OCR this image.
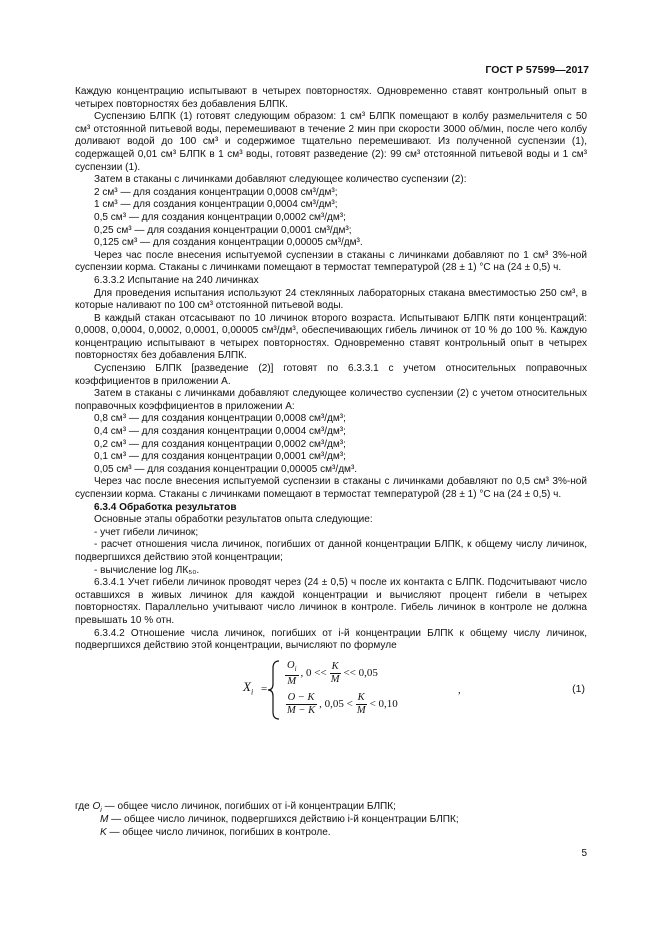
ГОСТ Р 57599—2017

Каждую концентрацию испытывают в четырех повторностях. Одновременно ставят контрольный опыт в четырех повторностях без добавления БЛПК.

Суспензию БЛПК (1) готовят следующим образом: 1 см³ БЛПК помещают в колбу размельчителя с 50 см³ отстоянной питьевой воды, перемешивают в течение 2 мин при скорости 3000 об/мин, после чего колбу доливают водой до 100 см³ и содержимое тщательно перемешивают. Из полученной суспензии (1), содержащей 0,01 см³ БЛПК в 1 см³ воды, готовят разведение (2): 99 см³ отстоянной питьевой воды и 1 см³ суспензии (1).

Затем в стаканы с личинками добавляют следующее количество суспензии (2):

2 см³ — для создания концентрации 0,0008 см³/дм³;

1 см³ — для создания концентрации 0,0004 см³/дм³;

0,5 см³ — для создания концентрации 0,0002 см³/дм³;

0,25 см³ — для создания концентрации 0,0001 см³/дм³;

0,125 см³ — для создания концентрации 0,00005 см³/дм³.

Через час после внесения испытуемой суспензии в стаканы с личинками добавляют по 1 см³ 3%-ной суспензии корма. Стаканы с личинками помещают в термостат температурой (28 ± 1) °С на (24 ± 0,5) ч.

6.3.3.2 Испытание на 240 личинках

Для проведения испытания используют 24 стеклянных лабораторных стакана вместимостью 250 см³, в которые наливают по 100 см³ отстоянной питьевой воды.

В каждый стакан отсасывают по 10 личинок второго возраста. Испытывают БЛПК пяти концентраций: 0,0008, 0,0004, 0,0002, 0,0001, 0,00005 см³/дм³, обеспечивающих гибель личинок от 10 % до 100 %. Каждую концентрацию испытывают в четырех повторностях. Одновременно ставят контрольный опыт в четырех повторностях без добавления БЛПК.

Суспензию БЛПК [разведение (2)] готовят по 6.3.3.1 с учетом относительных поправочных коэффициентов в приложении А.

Затем в стаканы с личинками добавляют следующее количество суспензии (2) с учетом относительных поправочных коэффициентов в приложении А:

0,8 см³ — для создания концентрации 0,0008 см³/дм³;

0,4 см³ — для создания концентрации 0,0004 см³/дм³;

0,2 см³ — для создания концентрации 0,0002 см³/дм³;

0,1 см³ — для создания концентрации 0,0001 см³/дм³;

0,05 см³ — для создания концентрации 0,00005 см³/дм³.

Через час после внесения испытуемой суспензии в стаканы с личинками добавляют по 0,5 см³ 3%-ной суспензии корма. Стаканы с личинками помещают в термостат температурой (28 ± 1) °С на (24 ± 0,5) ч.

6.3.4 Обработка результатов

Основные этапы обработки результатов опыта следующие:

- учет гибели личинок;

- расчет отношения числа личинок, погибших от данной концентрации БЛПК, к общему числу личинок, подвергшихся действию этой концентрации;

- вычисление log ЛК₅₀.

6.3.4.1 Учет гибели личинок проводят через (24 ± 0,5) ч после их контакта с БЛПК. Подсчитывают число оставшихся в живых личинок для каждой концентрации и вычисляют процент гибели в четырех повторностях. Параллельно учитывают число личинок в контроле. Гибель личинок в контроле не должна превышать 10 % отн.

6.3.4.2 Отношение числа личинок, погибших от i-й концентрации БЛПК к общему числу личинок, подвергшихся действию этой концентрации, вычисляют по формуле

$X_i$ =
$\frac{O_i}{M}$ , $0 << \frac{K}{M} << 0,05$
$\frac{O - K}{M - K}$ , $0,05 < \frac{K}{M} < 0,10$
,	(1)
где $O_i$ — общее число личинок, погибших от i-й концентрации БЛПК;
M — общее число личинок, подвергшихся действию i-й концентрации БЛПК;
K — общее число личинок, погибших в контроле.
5
